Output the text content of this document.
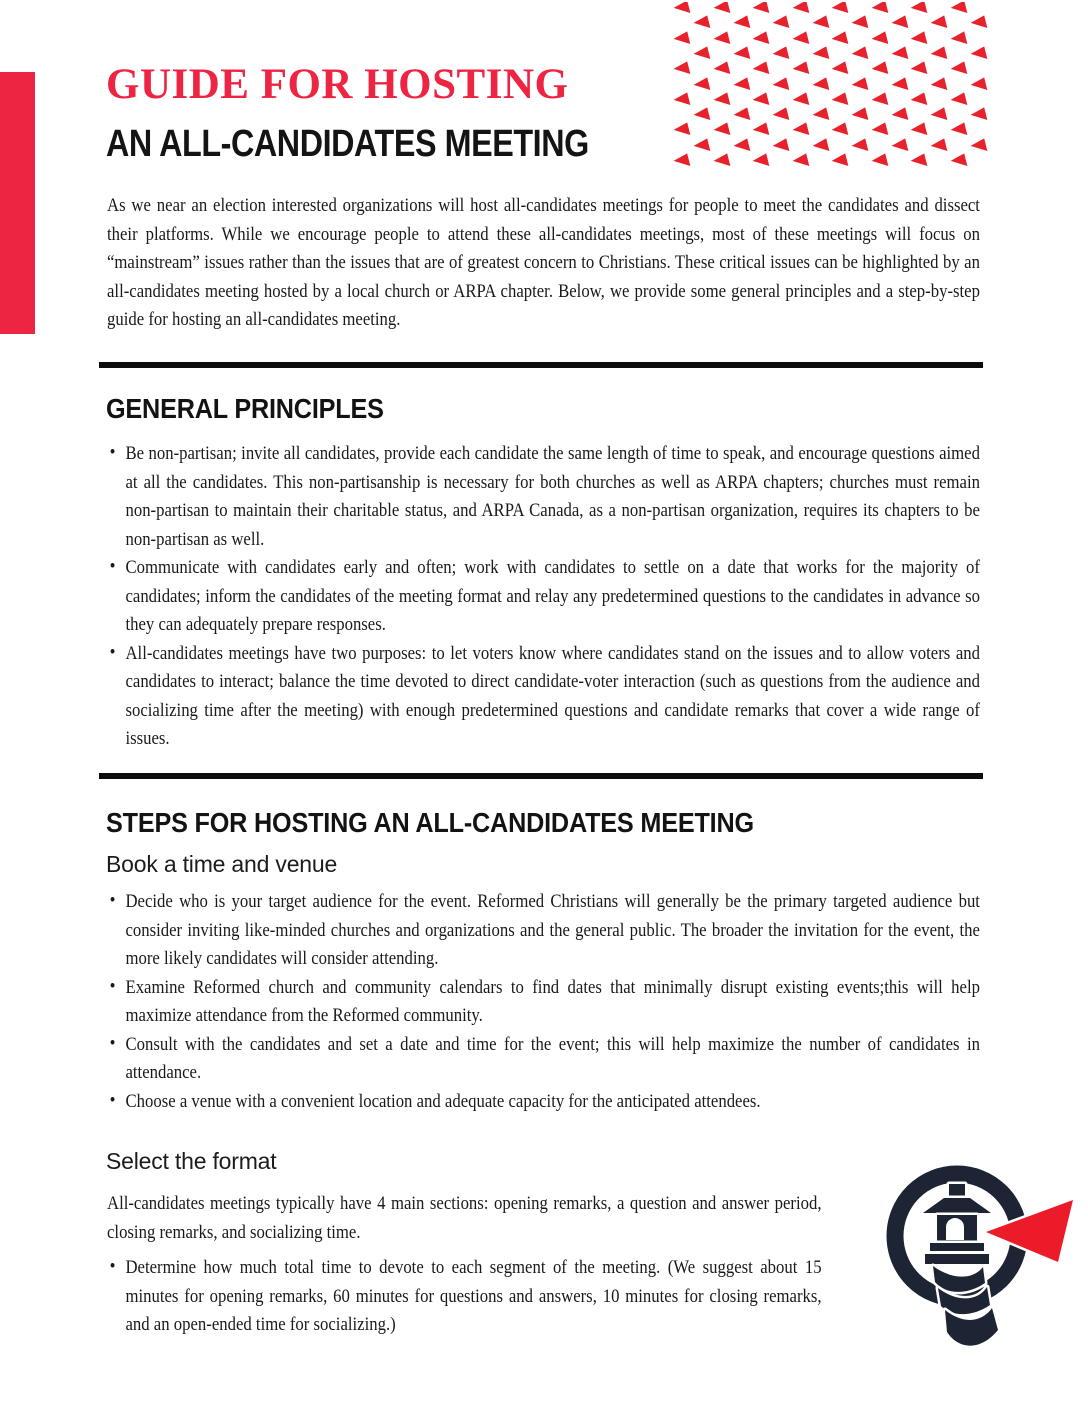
GUIDE FOR HOSTING
AN ALL-CANDIDATES MEETING
As we near an election interested organizations will host all-candidates meetings for people to meet the candidates and dissect their platforms. While we encourage people to attend these all-candidates meetings, most of these meetings will focus on “mainstream” issues rather than the issues that are of greatest concern to Christians. These critical issues can be highlighted by an all-candidates meeting hosted by a local church or ARPA chapter. Below, we provide some general principles and a step-by-step guide for hosting an all-candidates meeting.
GENERAL PRINCIPLES

• Be non-partisan; invite all candidates, provide each candidate the same length of time to speak, and encourage questions aimed at all the candidates. This non-partisanship is necessary for both churches as well as ARPA chapters; churches must remain non-partisan to maintain their charitable status, and ARPA Canada, as a non-partisan organization, requires its chapters to be non-partisan as well.

• Communicate with candidates early and often; work with candidates to settle on a date that works for the majority of candidates; inform the candidates of the meeting format and relay any predetermined questions to the candidates in advance so they can adequately prepare responses.

• All-candidates meetings have two purposes: to let voters know where candidates stand on the issues and to allow voters and candidates to interact; balance the time devoted to direct candidate-voter interaction (such as questions from the audience and socializing time after the meeting) with enough predetermined questions and candidate remarks that cover a wide range of issues.

STEPS FOR HOSTING AN ALL-CANDIDATES MEETING
Book a time and venue

• Decide who is your target audience for the event. Reformed Christians will generally be the primary targeted audience but consider inviting like-minded churches and organizations and the general public. The broader the invitation for the event, the more likely candidates will consider attending.

• Examine Reformed church and community calendars to find dates that minimally disrupt existing events;this will help maximize attendance from the Reformed community.

• Consult with the candidates and set a date and time for the event; this will help maximize the number of candidates in attendance.

• Choose a venue with a convenient location and adequate capacity for the anticipated attendees.

Select the format
All-candidates meetings typically have 4 main sections: opening remarks, a question and answer period, closing remarks, and socializing time.

• Determine how much total time to devote to each segment of the meeting. (We suggest about 15 minutes for opening remarks, 60 minutes for questions and answers, 10 minutes for closing remarks, and an open-ended time for socializing.)
